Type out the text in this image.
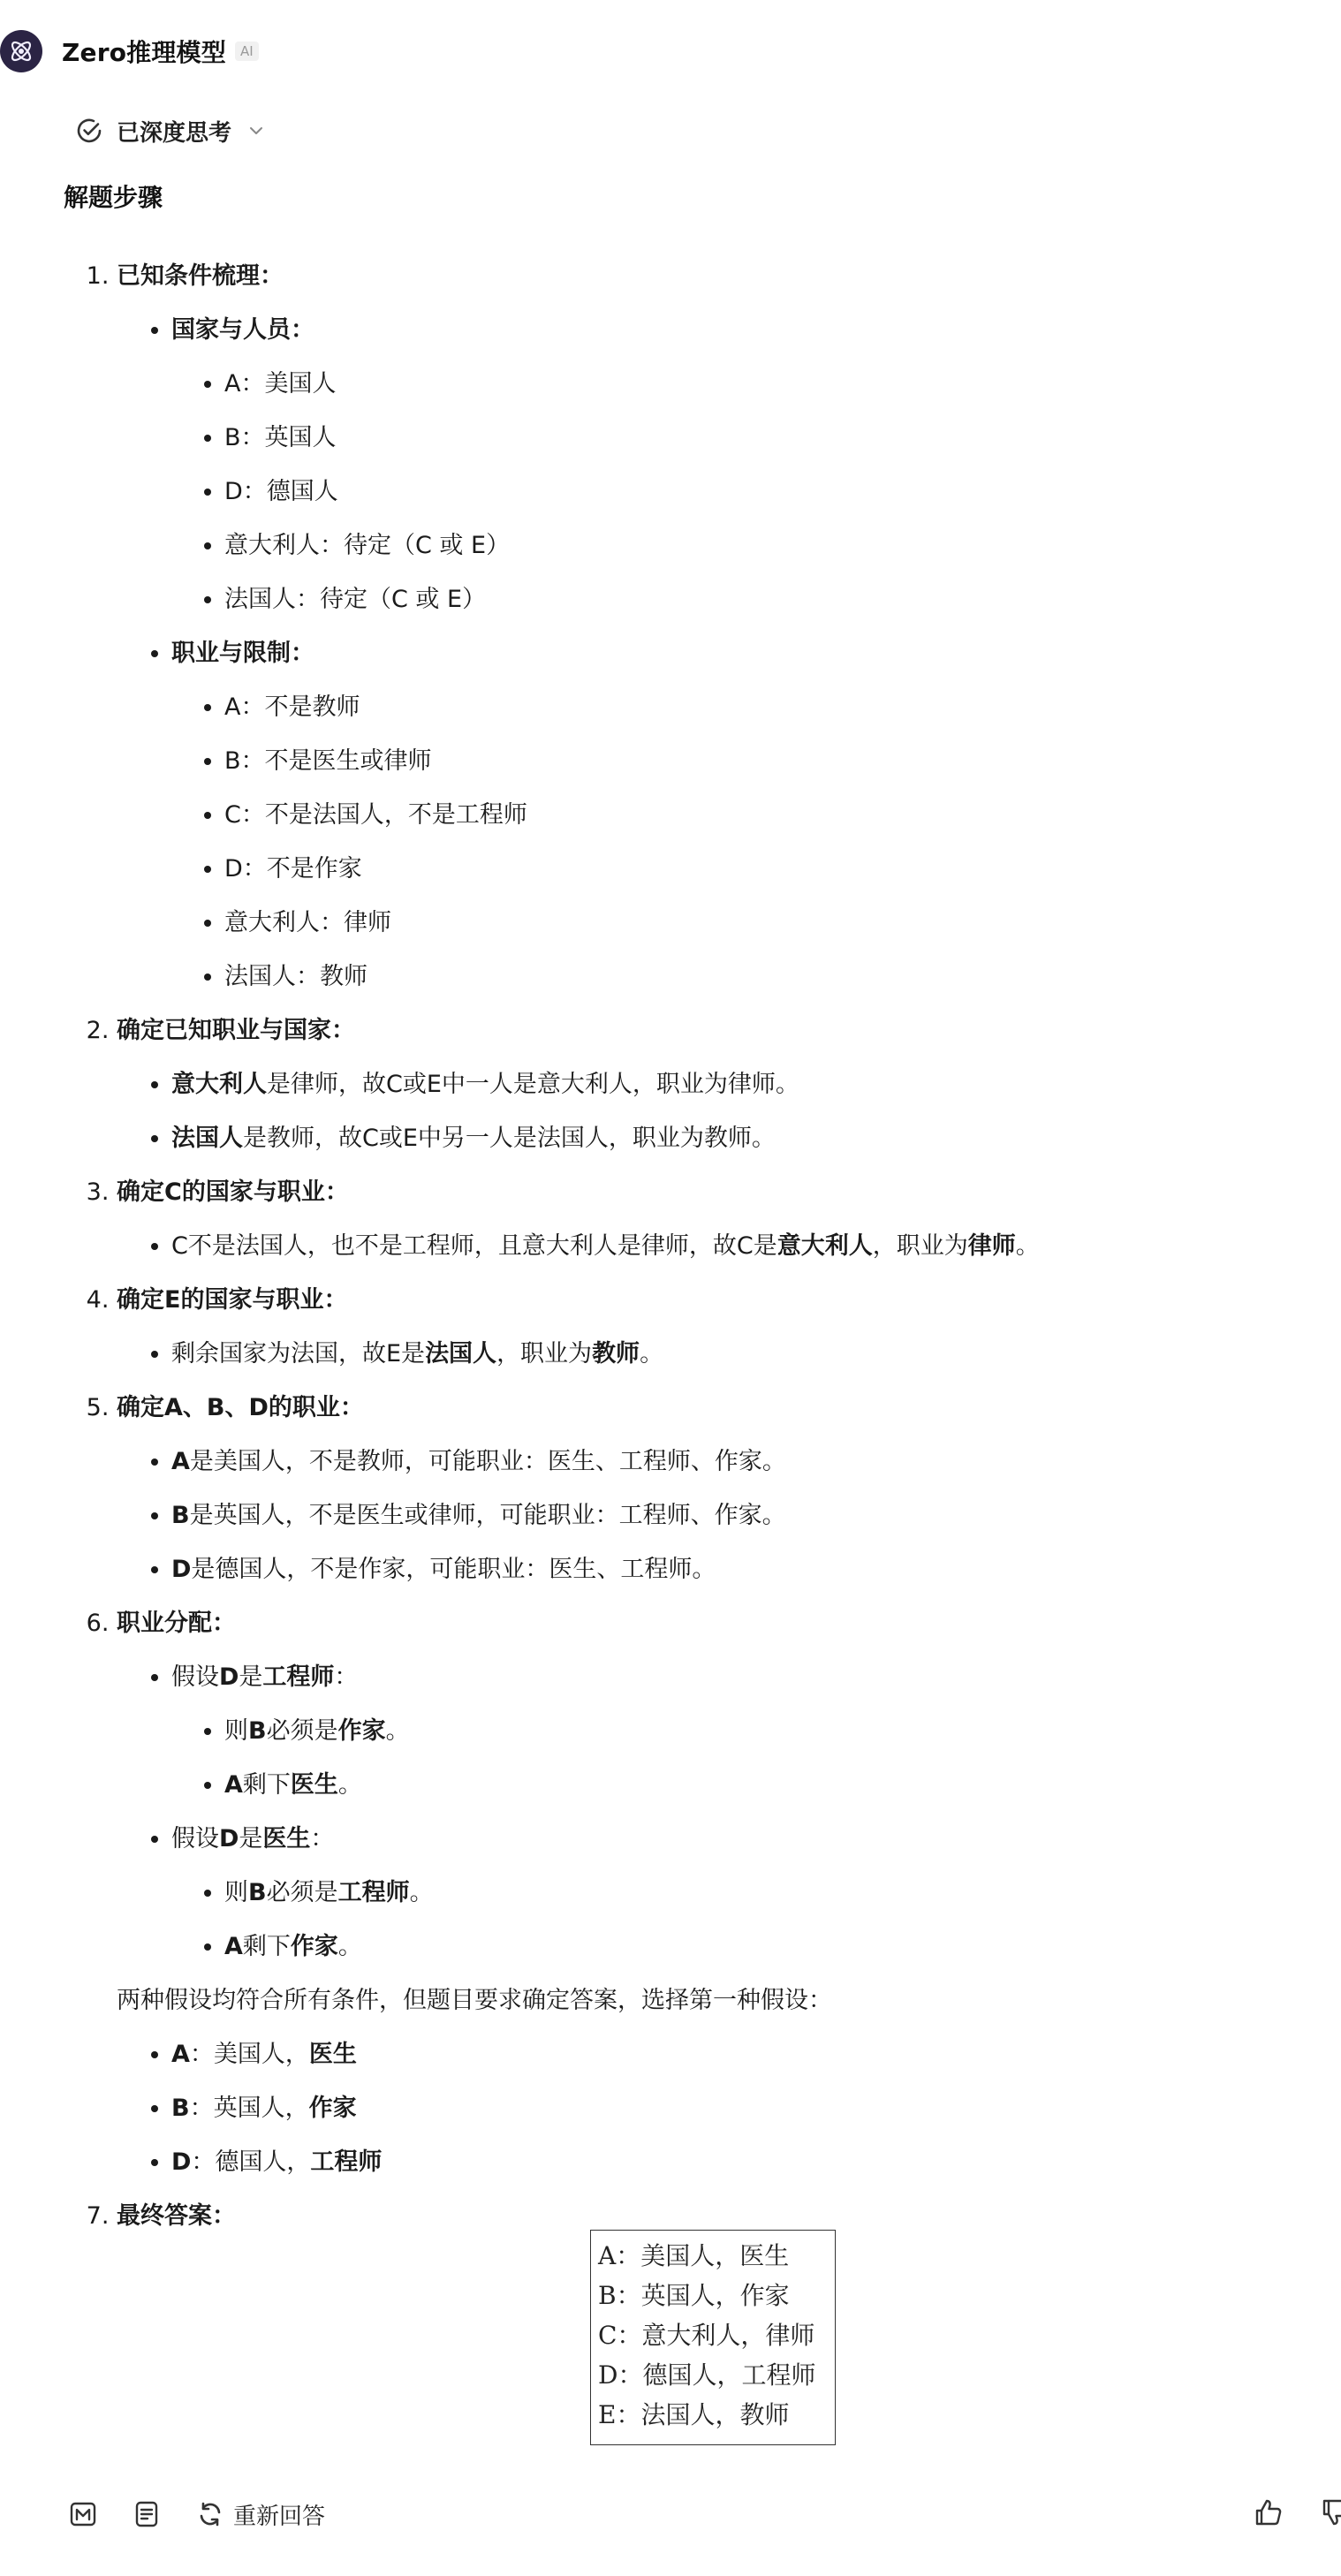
Zero推理模型	AI
已深度思考
解题步骤
1. 已知条件梳理：
• 国家与人员：
• A：美国人
• B：英国人
• D：德国人
• 意大利人：待定（C 或 E）
• 法国人：待定（C 或 E）
• 职业与限制：
• A：不是教师
• B：不是医生或律师
• C：不是法国人，不是工程师
• D：不是作家
• 意大利人：律师
• 法国人：教师
2. 确定已知职业与国家：
• 意大利人是律师，故C或E中一人是意大利人，职业为律师。
• 法国人是教师，故C或E中另一人是法国人，职业为教师。
3. 确定C的国家与职业：
• C不是法国人，也不是工程师，且意大利人是律师，故C是意大利人，职业为律师。
4. 确定E的国家与职业：
• 剩余国家为法国，故E是法国人，职业为教师。
5. 确定A、B、D的职业：
• A是美国人，不是教师，可能职业：医生、工程师、作家。
• B是英国人，不是医生或律师，可能职业：工程师、作家。
• D是德国人，不是作家，可能职业：医生、工程师。
6. 职业分配：
• 假设D是工程师：
• 则B必须是作家。
• A剩下医生。
• 假设D是医生：
• 则B必须是工程师。
• A剩下作家。
两种假设均符合所有条件，但题目要求确定答案，选择第一种假设：
• A：美国人，医生
• B：英国人，作家
• D：德国人，工程师
7. 最终答案：
A：美国人，医生
B：英国人，作家
C：意大利人，律师
D：德国人，工程师
E：法国人，教师
重新回答
